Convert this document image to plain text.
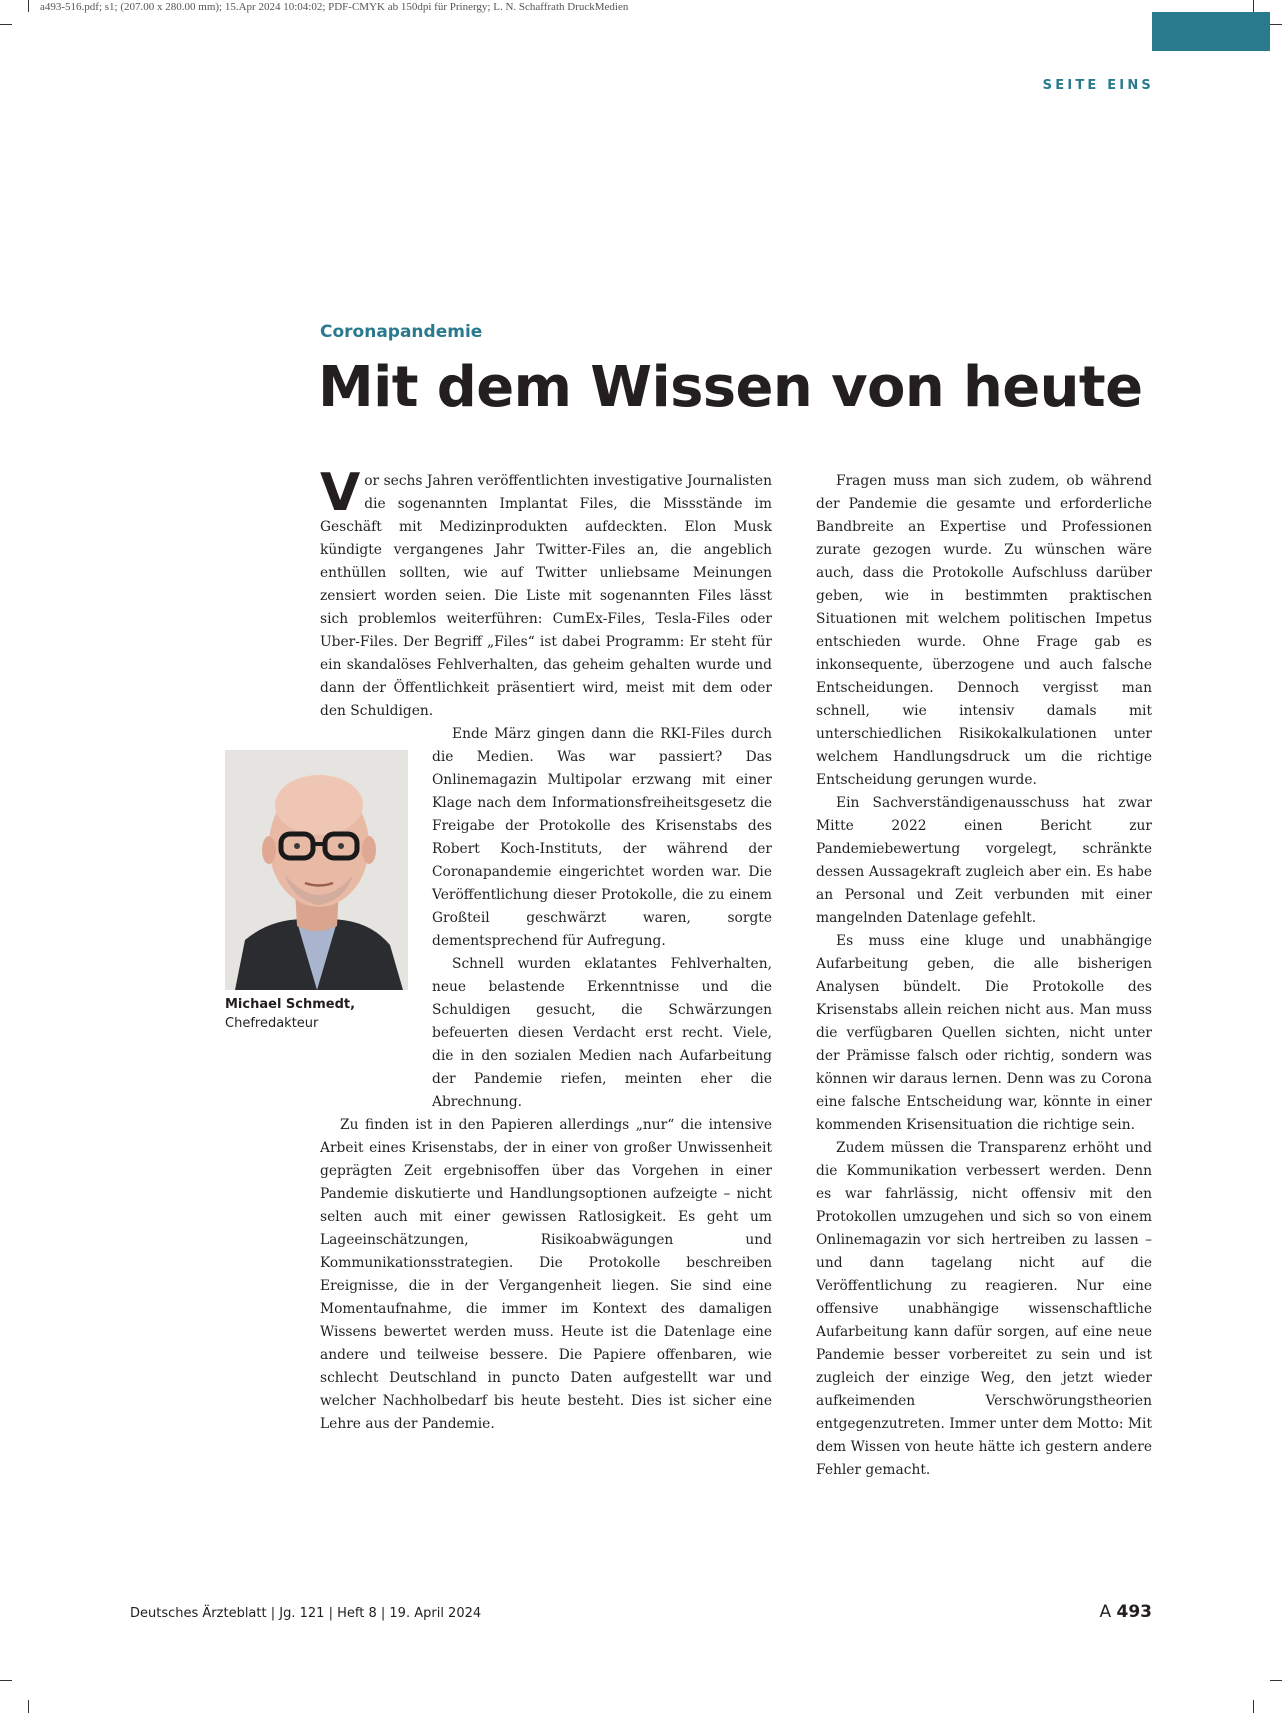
a493-516.pdf; s1; (207.00 x 280.00 mm); 15.Apr 2024 10:04:02; PDF-CMYK ab 150dpi für Prinergy; L. N. Schaffrath DruckMedien
SEITE EINS
Coronapandemie
Mit dem Wissen von heute

Vor sechs Jahren veröffentlichten investigative Journalisten die sogenannten Implantat Files, die Missstände im Geschäft mit Medizinprodukten aufdeckten. Elon Musk kündigte vergangenes Jahr Twitter-Files an, die angeblich enthüllen sollten, wie auf Twitter unliebsame Meinungen zensiert worden seien. Die Liste mit sogenannten Files lässt sich problemlos weiterführen: CumEx-Files, Tesla-Files oder Uber-Files. Der Begriff „Files“ ist dabei Programm: Er steht für ein skandalöses Fehlverhalten, das geheim gehalten wurde und dann der Öffentlichkeit präsentiert wird, meist mit dem oder den Schuldigen.

Ende März gingen dann die RKI-Files durch die Medien. Was war passiert? Das Onlinemagazin Multipolar erzwang mit einer Klage nach dem Informationsfreiheitsgesetz die Freigabe der Protokolle des Krisenstabs des Robert Koch-Instituts, der während der Coronapandemie eingerichtet worden war. Die Veröffentlichung dieser Protokolle, die zu einem Großteil geschwärzt waren, sorgte dementsprechend für Aufregung.

Schnell wurden eklatantes Fehlverhalten, neue belastende Erkenntnisse und die Schuldigen gesucht, die Schwärzungen befeuerten diesen Verdacht erst recht. Viele, die in den sozialen Medien nach Aufarbeitung der Pandemie riefen, meinten eher die Abrechnung.

Zu finden ist in den Papieren allerdings „nur“ die intensive Arbeit eines Krisenstabs, der in einer von großer Unwissenheit geprägten Zeit ergebnisoffen über das Vorgehen in einer Pandemie diskutierte und Handlungsoptionen aufzeigte – nicht selten auch mit einer gewissen Ratlosigkeit. Es geht um Lageeinschätzungen, Risikoabwägungen und Kommunikationsstrategien. Die Protokolle beschreiben Ereignisse, die in der Vergangenheit liegen. Sie sind eine Momentaufnahme, die immer im Kontext des damaligen Wissens bewertet werden muss. Heute ist die Datenlage eine andere und teilweise bessere. Die Papiere offenbaren, wie schlecht Deutschland in puncto Daten aufgestellt war und welcher Nachholbedarf bis heute besteht. Dies ist sicher eine Lehre aus der Pandemie.

Fragen muss man sich zudem, ob während der Pandemie die gesamte und erforderliche Bandbreite an Expertise und Professionen zurate gezogen wurde. Zu wünschen wäre auch, dass die Protokolle Aufschluss darüber geben, wie in bestimmten praktischen Situationen mit welchem politischen Impetus entschieden wurde. Ohne Frage gab es inkonsequente, überzogene und auch falsche Entscheidungen. Dennoch vergisst man schnell, wie intensiv damals mit unterschiedlichen Risikokalkulationen unter welchem Handlungsdruck um die richtige Entscheidung gerungen wurde.

Ein Sachverständigenausschuss hat zwar Mitte 2022 einen Bericht zur Pandemiebewertung vorgelegt, schränkte dessen Aussagekraft zugleich aber ein. Es habe an Personal und Zeit verbunden mit einer mangelnden Datenlage gefehlt.

Es muss eine kluge und unabhängige Aufarbeitung geben, die alle bisherigen Analysen bündelt. Die Protokolle des Krisenstabs allein reichen nicht aus. Man muss die verfügbaren Quellen sichten, nicht unter der Prämisse falsch oder richtig, sondern was können wir daraus lernen. Denn was zu Corona eine falsche Entscheidung war, könnte in einer kommenden Krisensituation die richtige sein.

Zudem müssen die Transparenz erhöht und die Kommunikation verbessert werden. Denn es war fahrlässig, nicht offensiv mit den Protokollen umzugehen und sich so von einem Onlinemagazin vor sich hertreiben zu lassen – und dann tagelang nicht auf die Veröffentlichung zu reagieren. Nur eine offensive unabhängige wissenschaftliche Aufarbeitung kann dafür sorgen, auf eine neue Pandemie besser vorbereitet zu sein und ist zugleich der einzige Weg, den jetzt wieder aufkeimenden Verschwörungstheorien entgegenzutreten. Immer unter dem Motto: Mit dem Wissen von heute hätte ich gestern andere Fehler gemacht.

Michael Schmedt,
Chefredakteur
Deutsches Ärzteblatt | Jg. 121 | Heft 8 | 19. April 2024	A 493
